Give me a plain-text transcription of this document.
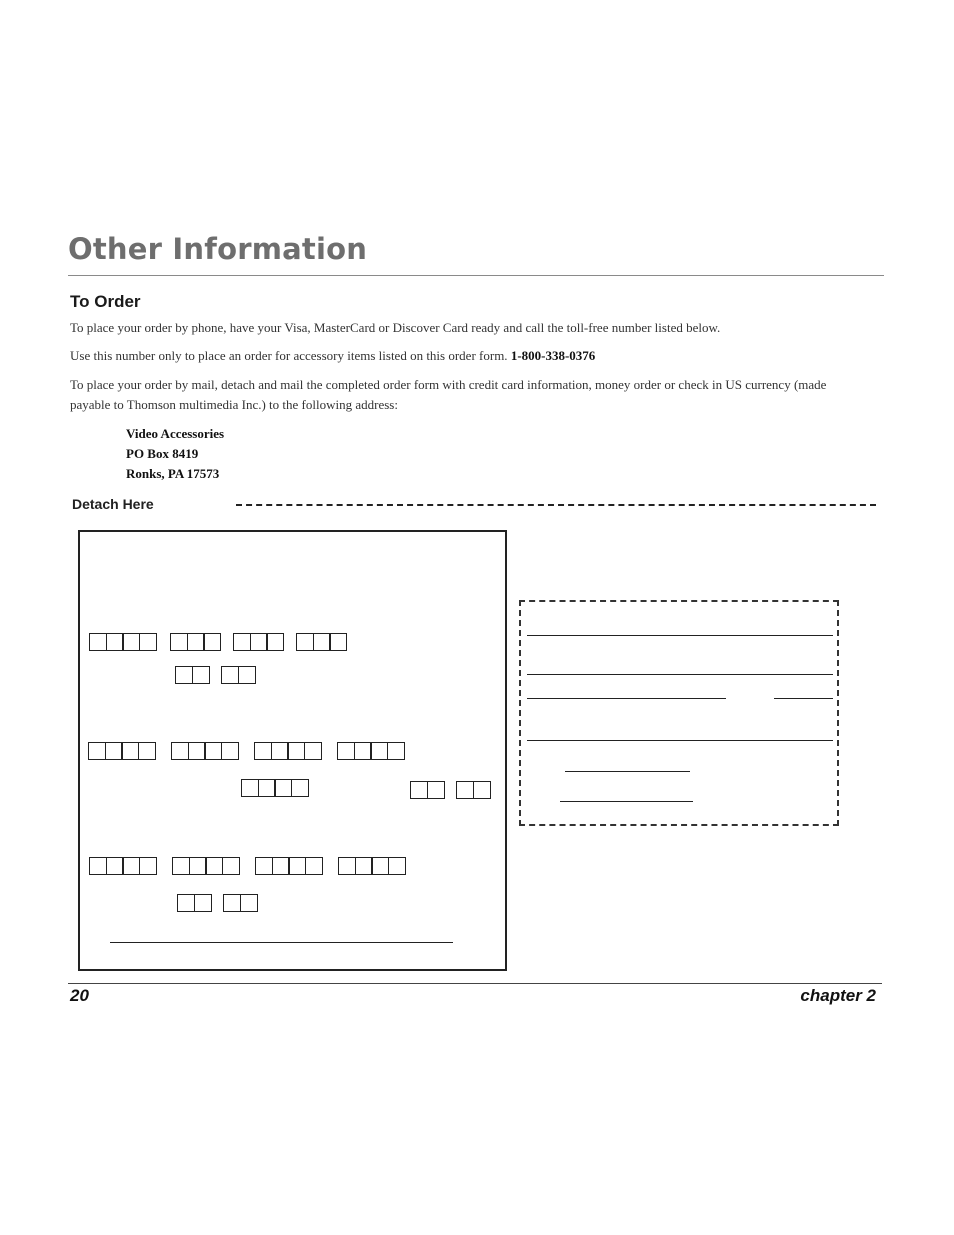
Other Information
To Order

To place your order by phone, have your Visa, MasterCard or Discover Card ready and call the toll-free number listed below.

Use this number only to place an order for accessory items listed on this order form. 1-800-338-0376

To place your order by mail, detach and mail the completed order form with credit card information, money order or check in US currency (made payable to Thomson multimedia Inc.) to the following address:

Video Accessories
PO Box 8419
Ronks, PA 17573
Detach Here
20	chapter 2
